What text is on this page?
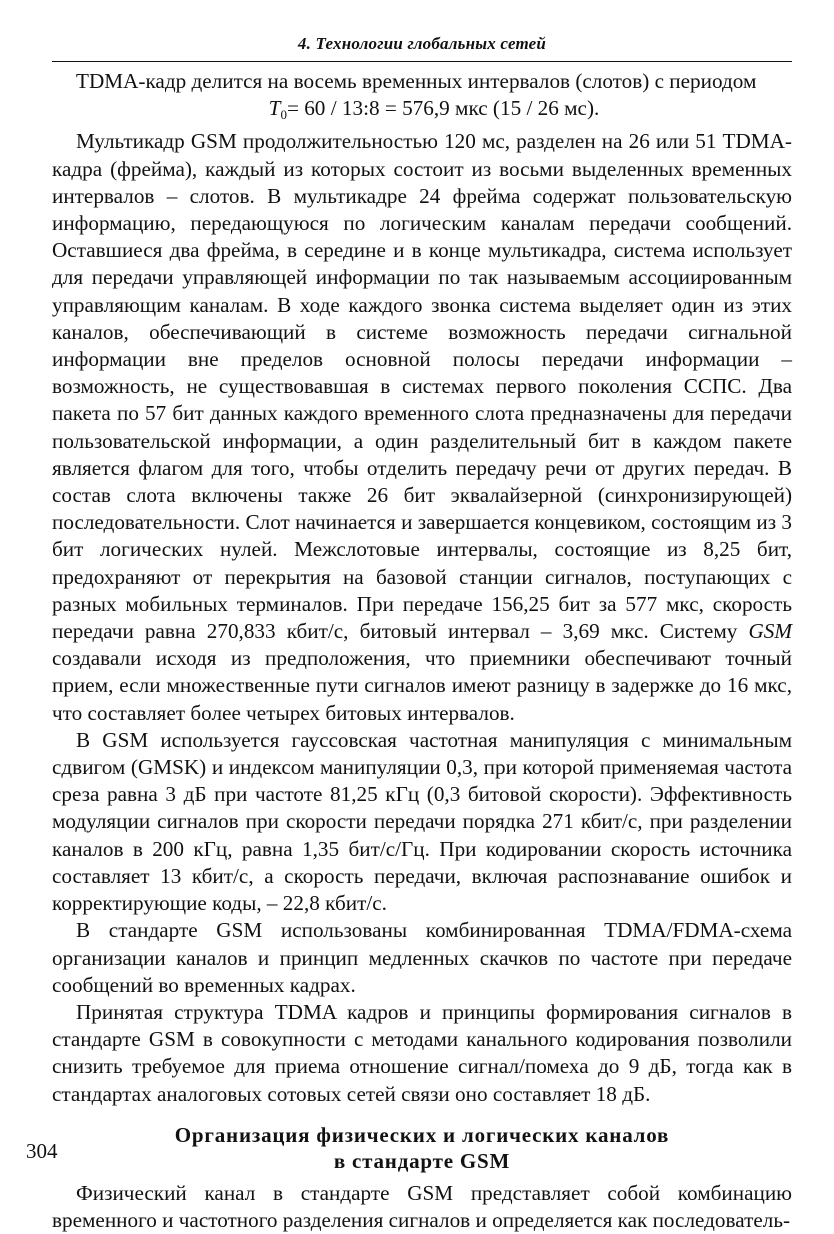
4. Технологии глобальных сетей

TDMA-кадр делится на восемь временных интервалов (слотов) с периодом

$T_0= 60$ / 13:8 = 576,9 мкс (15 / 26 мс).

Мультикадр GSM продолжительностью 120 мс, разделен на 26 или 51 TDMA-кадра (фрейма), каждый из которых состоит из восьми выделенных временных интервалов – слотов. В мультикадре 24 фрейма содержат пользовательскую информацию, передающуюся по логическим каналам передачи сообщений. Оставшиеся два фрейма, в середине и в конце мультикадра, система использует для передачи управляющей информации по так называемым ассоциированным управляющим каналам. В ходе каждого звонка система выделяет один из этих каналов, обеспечивающий в системе возможность передачи сигнальной информации вне пределов основной полосы передачи информации – возможность, не существовавшая в системах первого поколения ССПС. Два пакета по 57 бит данных каждого временного слота предназначены для передачи пользовательской информации, а один разделительный бит в каждом пакете является флагом для того, чтобы отделить передачу речи от других передач. В состав слота включены также 26 бит эквалайзерной (синхронизирующей) последовательности. Слот начинается и завершается концевиком, состоящим из 3 бит логических нулей. Межслотовые интервалы, состоящие из 8,25 бит, предохраняют от перекрытия на базовой станции сигналов, поступающих с разных мобильных терминалов. При передаче 156,25 бит за 577 мкс, скорость передачи равна 270,833 кбит/с, битовый интервал – 3,69 мкс. Систему GSM создавали исходя из предположения, что приемники обеспечивают точный прием, если множественные пути сигналов имеют разницу в задержке до 16 мкс, что составляет более четырех битовых интервалов.

В GSM используется гауссовская частотная манипуляция с минимальным сдвигом (GMSK) и индексом манипуляции 0,3, при которой применяемая частота среза равна 3 дБ при частоте 81,25 кГц (0,3 битовой скорости). Эффективность модуляции сигналов при скорости передачи порядка 271 кбит/с, при разделении каналов в 200 кГц, равна 1,35 бит/с/Гц. При кодировании скорость источника составляет 13 кбит/с, а скорость передачи, включая распознавание ошибок и корректирующие коды, – 22,8 кбит/с.

В стандарте GSM использованы комбинированная TDMA/FDMA-схема организации каналов и принцип медленных скачков по частоте при передаче сообщений во временных кадрах.

Принятая структура TDMA кадров и принципы формирования сигналов в стандарте GSM в совокупности с методами канального кодирования позволили снизить требуемое для приема отношение сигнал/помеха до 9 дБ, тогда как в стандартах аналоговых сотовых сетей связи оно составляет 18 дБ.

Организация физических и логических каналов
в стандарте GSM

Физический канал в стандарте GSM представляет собой комбинацию временного и частотного разделения сигналов и определяется как последователь-

304
